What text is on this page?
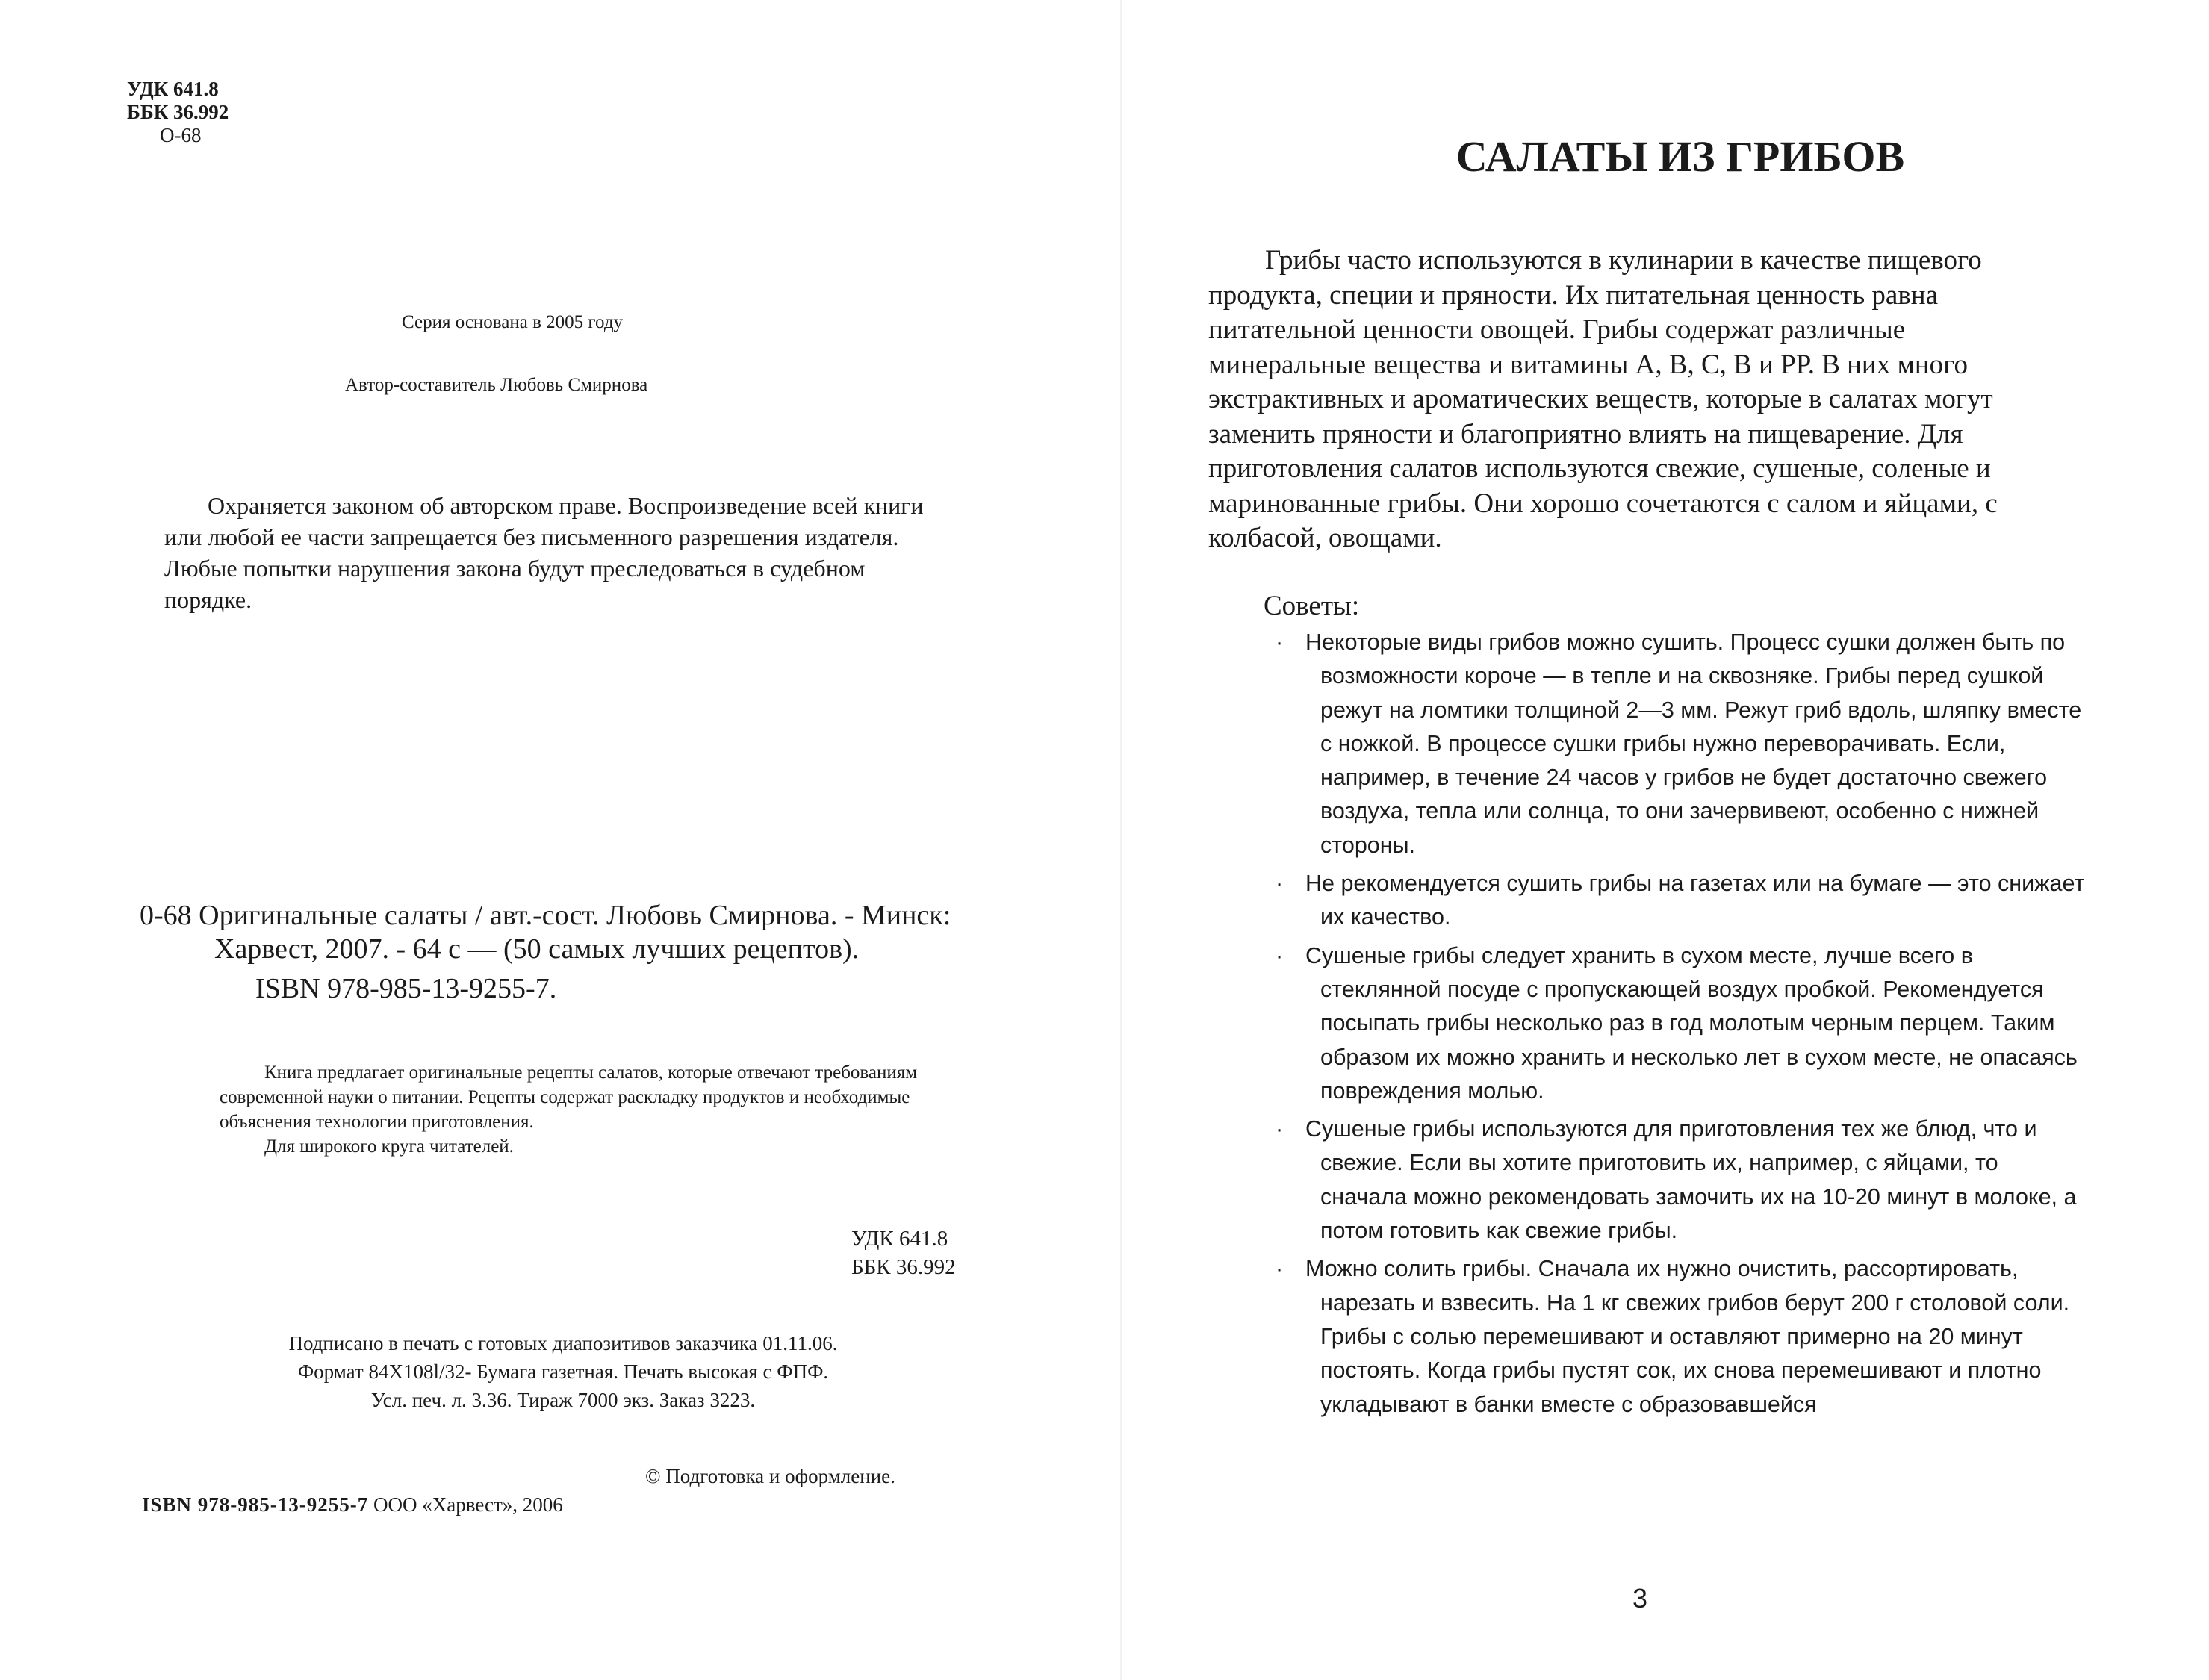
УДК 641.8
ББК 36.992
О-68
Серия основана в 2005 году
Автор-составитель Любовь Смирнова

Охраняется законом об авторском праве. Воспроизведение всей книги или любой ее части запрещается без письменного разрешения издателя. Любые попытки нарушения закона будут преследоваться в судебном порядке.

0-68 Оригинальные салаты / авт.-сост. Любовь Смирнова. - Минск: Харвест, 2007. - 64 с — (50 самых лучших рецептов).
ISBN 978-985-13-9255-7.

Книга предлагает оригинальные рецепты салатов, которые отвечают требованиям современной науки о питании. Рецепты содержат раскладку продуктов и необходимые объяснения технологии приготовления.

Для широкого круга читателей.

УДК 641.8
ББК 36.992
Подписано в печать с готовых диапозитивов заказчика 01.11.06.
Формат 84X108l/32- Бумага газетная. Печать высокая с ФПФ.
Усл. печ. л. 3.36. Тираж 7000 экз. Заказ 3223.
© Подготовка и оформление.
ISBN 978-985-13-9255-7 ООО «Харвест», 2006
САЛАТЫ ИЗ ГРИБОВ

Грибы часто используются в кулинарии в качестве пищевого продукта, специи и пряности. Их питательная ценность равна питательной ценности овощей. Грибы содержат различные минеральные вещества и витамины А, В, С, В и РР. В них много экстрактивных и ароматических веществ, которые в салатах могут заменить пряности и благоприятно влиять на пищеварение. Для приготовления салатов используются свежие, сушеные, соленые и маринованные грибы. Они хорошо сочетаются с салом и яйцами, с колбасой, овощами.

Советы:
· Некоторые виды грибов можно сушить. Процесс сушки должен быть по возможности короче — в тепле и на сквозняке. Грибы перед сушкой режут на ломтики толщиной 2—3 мм. Режут гриб вдоль, шляпку вместе с ножкой. В процессе сушки грибы нужно переворачивать. Если, например, в течение 24 часов у грибов не будет достаточно свежего воздуха, тепла или солнца, то они зачервивеют, особенно с нижней стороны.
· Не рекомендуется сушить грибы на газетах или на бумаге — это снижает их качество.
· Сушеные грибы следует хранить в сухом месте, лучше всего в стеклянной посуде с пропускающей воздух пробкой. Рекомендуется посыпать грибы несколько раз в год молотым черным перцем. Таким образом их можно хранить и несколько лет в сухом месте, не опасаясь повреждения молью.
· Сушеные грибы используются для приготовления тех же блюд, что и свежие. Если вы хотите приготовить их, например, с яйцами, то сначала можно рекомендовать замочить их на 10-20 минут в молоке, а потом готовить как свежие грибы.
· Можно солить грибы. Сначала их нужно очистить, рассортировать, нарезать и взвесить. На 1 кг свежих грибов берут 200 г столовой соли. Грибы с солью перемешивают и оставляют примерно на 20 минут постоять. Когда грибы пустят сок, их снова перемешивают и плотно укладывают в банки вместе с образовавшейся
3
